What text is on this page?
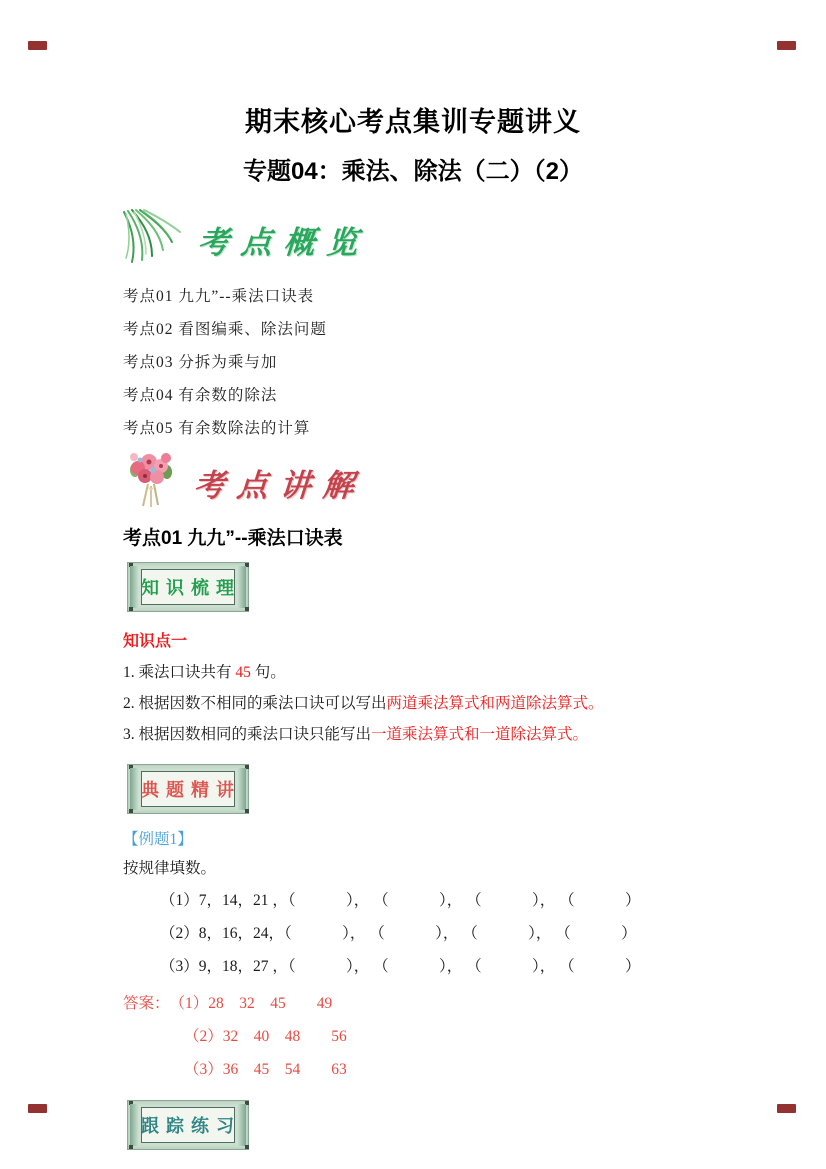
期末核心考点集训专题讲义
专题04：乘法、除法（二）（2）
考点概览
考点01 九九”--乘法口诀表
考点02 看图编乘、除法问题
考点03 分拆为乘与加
考点04 有余数的除法
考点05 有余数除法的计算
考点讲解
考点01 九九”--乘法口诀表
知 识 梳 理
知识点一

1. 乘法口诀共有 45 句。

2. 根据因数不相同的乘法口诀可以写出两道乘法算式和两道除法算式。

3. 根据因数相同的乘法口诀只能写出一道乘法算式和一道除法算式。

典 题 精 讲
【例题1】
按规律填数。
（1）7，14，21 ，（　　　 ）， （　　　 ）， （　　　 ）， （　　　 ）
（2）8，16，24，（　　　 ）， （　　　 ）， （　　　 ）， （　　　 ）
（3）9，18，27 ，（　　　 ）， （　　　 ）， （　　　 ）， （　　　 ）
答案： （1）28　32　45　　49
（2）32　40　48　　56
（3）36　45　54　　63
跟 踪 练 习
